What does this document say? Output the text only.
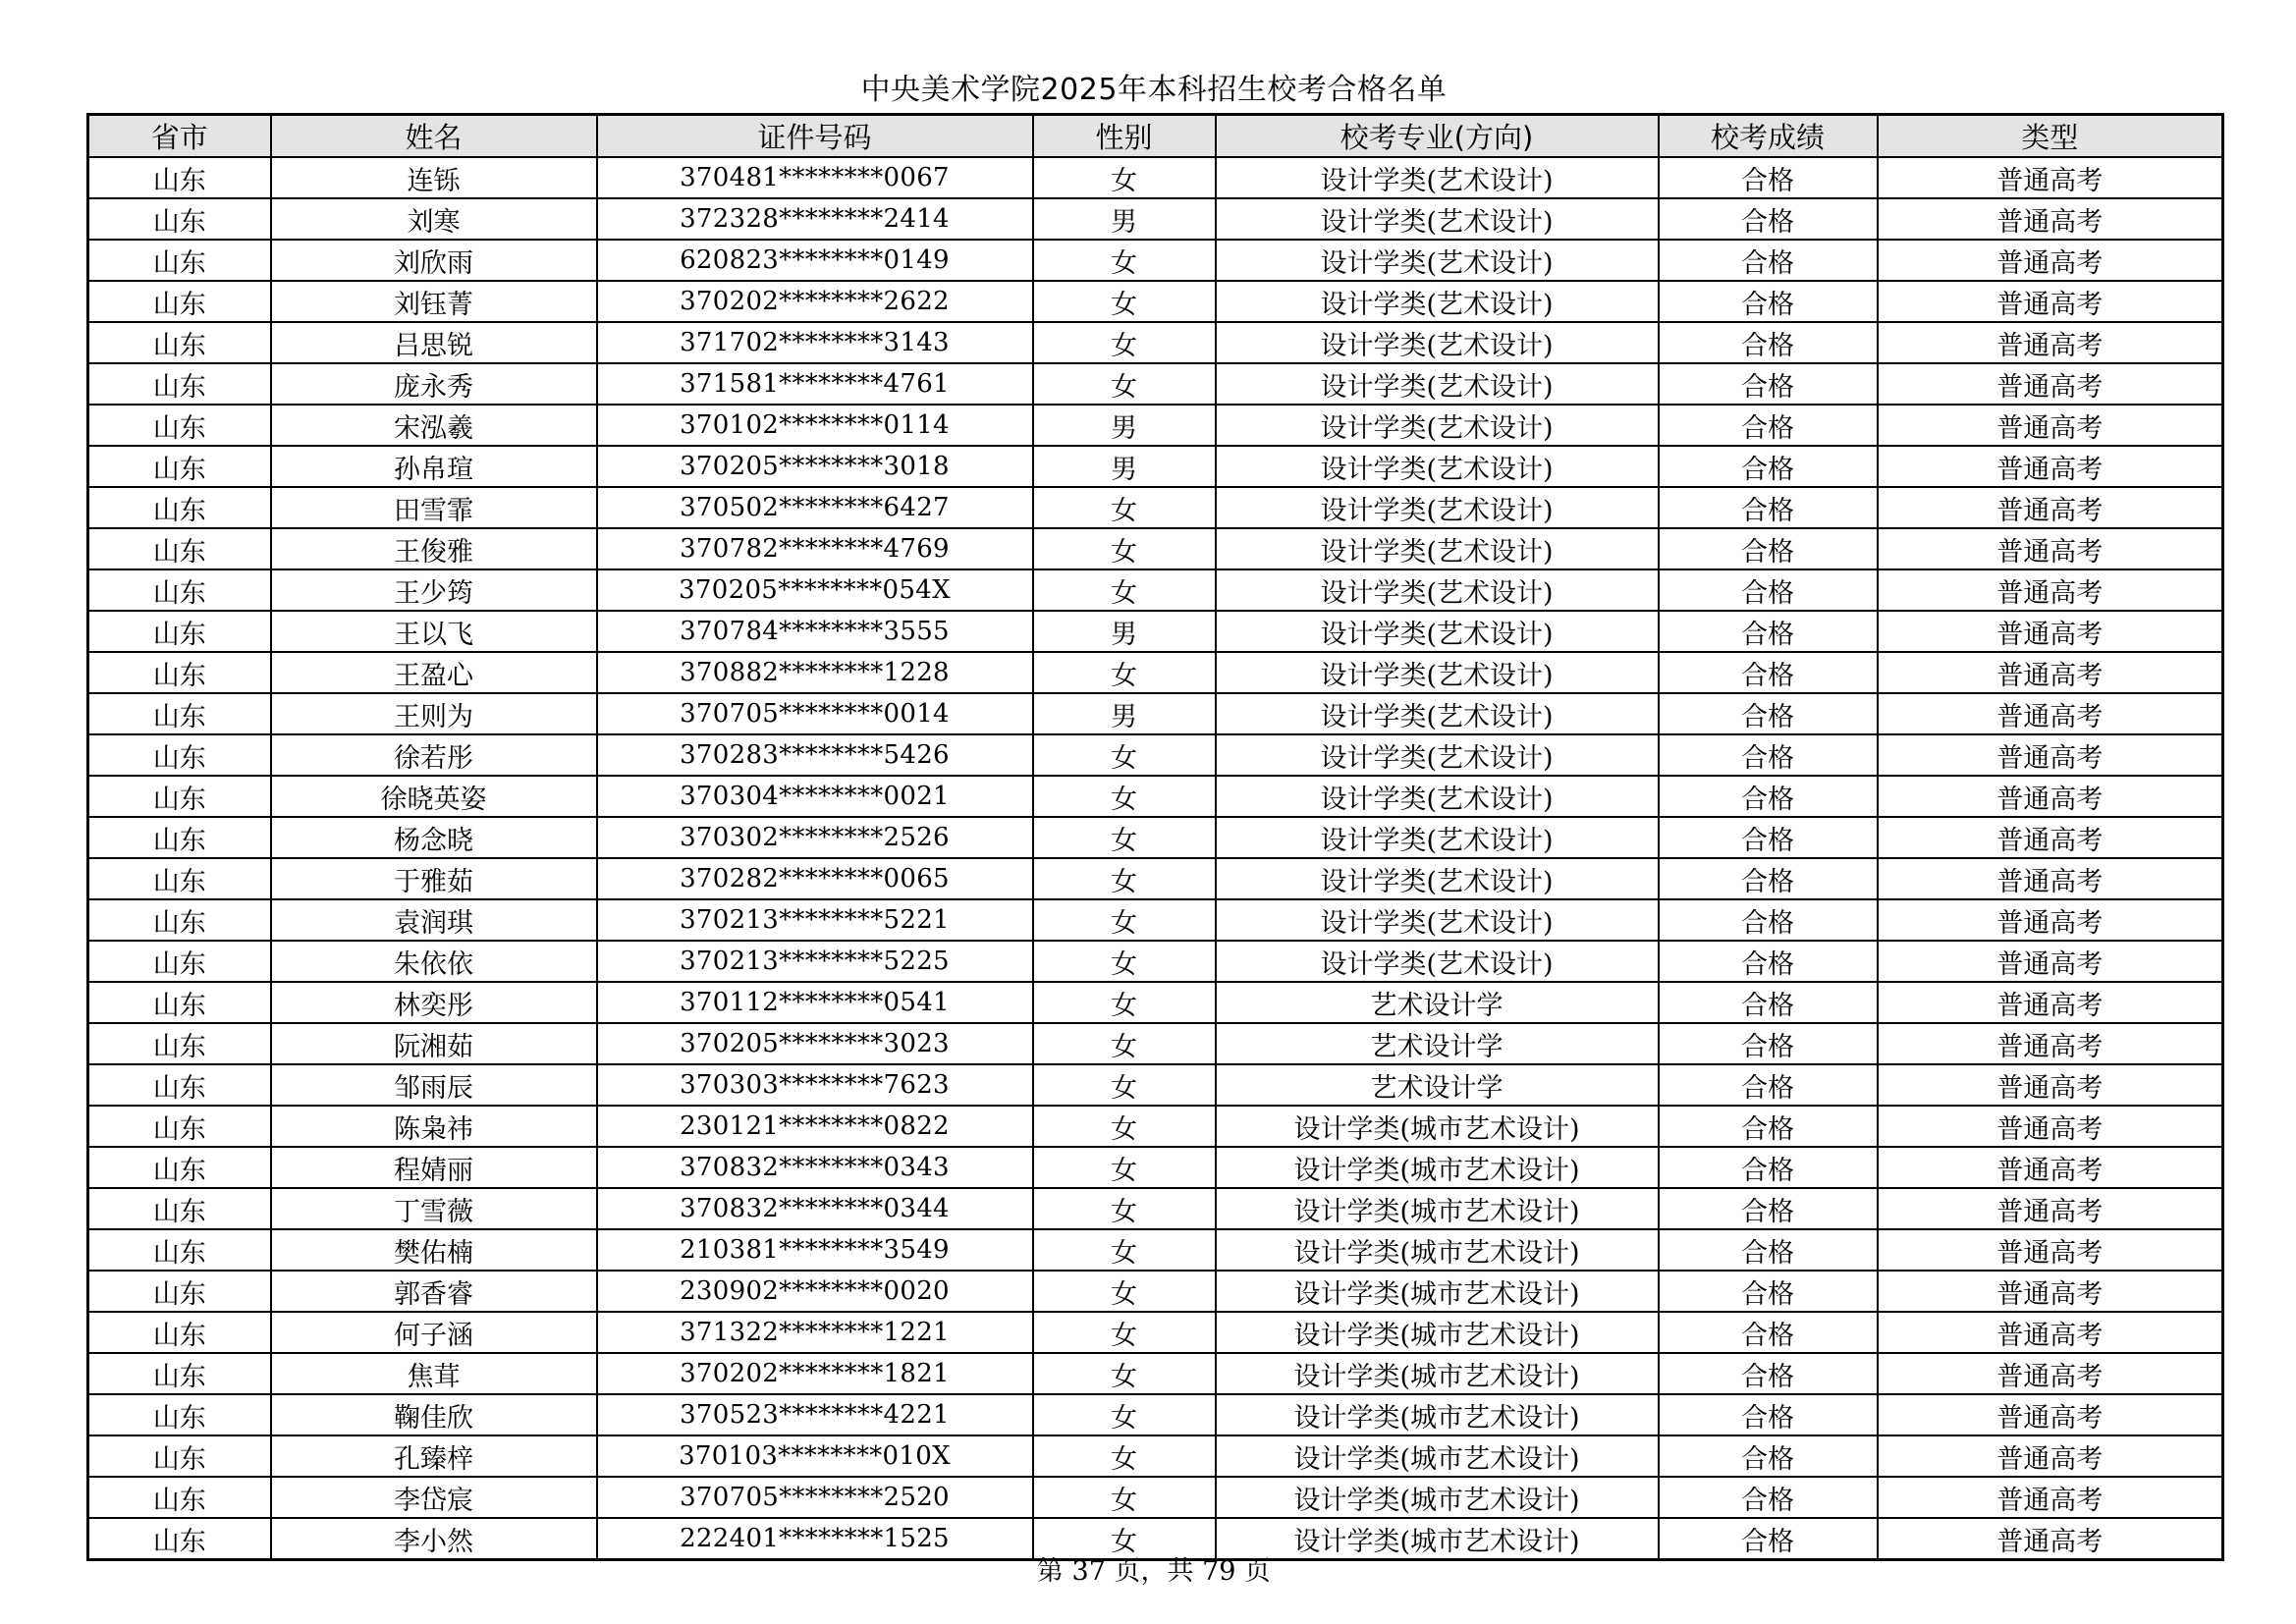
中央美术学院2025年本科招生校考合格名单
省市	姓名	证件号码	性别	校考专业(方向)	校考成绩	类型
山东	连铄	370481********0067	女	设计学类(艺术设计)	合格	普通高考
山东	刘寒	372328********2414	男	设计学类(艺术设计)	合格	普通高考
山东	刘欣雨	620823********0149	女	设计学类(艺术设计)	合格	普通高考
山东	刘钰菁	370202********2622	女	设计学类(艺术设计)	合格	普通高考
山东	吕思锐	371702********3143	女	设计学类(艺术设计)	合格	普通高考
山东	庞永秀	371581********4761	女	设计学类(艺术设计)	合格	普通高考
山东	宋泓羲	370102********0114	男	设计学类(艺术设计)	合格	普通高考
山东	孙帛瑄	370205********3018	男	设计学类(艺术设计)	合格	普通高考
山东	田雪霏	370502********6427	女	设计学类(艺术设计)	合格	普通高考
山东	王俊雅	370782********4769	女	设计学类(艺术设计)	合格	普通高考
山东	王少筠	370205********054X	女	设计学类(艺术设计)	合格	普通高考
山东	王以飞	370784********3555	男	设计学类(艺术设计)	合格	普通高考
山东	王盈心	370882********1228	女	设计学类(艺术设计)	合格	普通高考
山东	王则为	370705********0014	男	设计学类(艺术设计)	合格	普通高考
山东	徐若彤	370283********5426	女	设计学类(艺术设计)	合格	普通高考
山东	徐晓英姿	370304********0021	女	设计学类(艺术设计)	合格	普通高考
山东	杨念晓	370302********2526	女	设计学类(艺术设计)	合格	普通高考
山东	于雅茹	370282********0065	女	设计学类(艺术设计)	合格	普通高考
山东	袁润琪	370213********5221	女	设计学类(艺术设计)	合格	普通高考
山东	朱依依	370213********5225	女	设计学类(艺术设计)	合格	普通高考
山东	林奕彤	370112********0541	女	艺术设计学	合格	普通高考
山东	阮湘茹	370205********3023	女	艺术设计学	合格	普通高考
山东	邹雨辰	370303********7623	女	艺术设计学	合格	普通高考
山东	陈枭祎	230121********0822	女	设计学类(城市艺术设计)	合格	普通高考
山东	程婧丽	370832********0343	女	设计学类(城市艺术设计)	合格	普通高考
山东	丁雪薇	370832********0344	女	设计学类(城市艺术设计)	合格	普通高考
山东	樊佑楠	210381********3549	女	设计学类(城市艺术设计)	合格	普通高考
山东	郭香睿	230902********0020	女	设计学类(城市艺术设计)	合格	普通高考
山东	何子涵	371322********1221	女	设计学类(城市艺术设计)	合格	普通高考
山东	焦茸	370202********1821	女	设计学类(城市艺术设计)	合格	普通高考
山东	鞠佳欣	370523********4221	女	设计学类(城市艺术设计)	合格	普通高考
山东	孔臻梓	370103********010X	女	设计学类(城市艺术设计)	合格	普通高考
山东	李岱宸	370705********2520	女	设计学类(城市艺术设计)	合格	普通高考
山东	李小然	222401********1525	女	设计学类(城市艺术设计)	合格	普通高考
第 37 页，共 79 页
